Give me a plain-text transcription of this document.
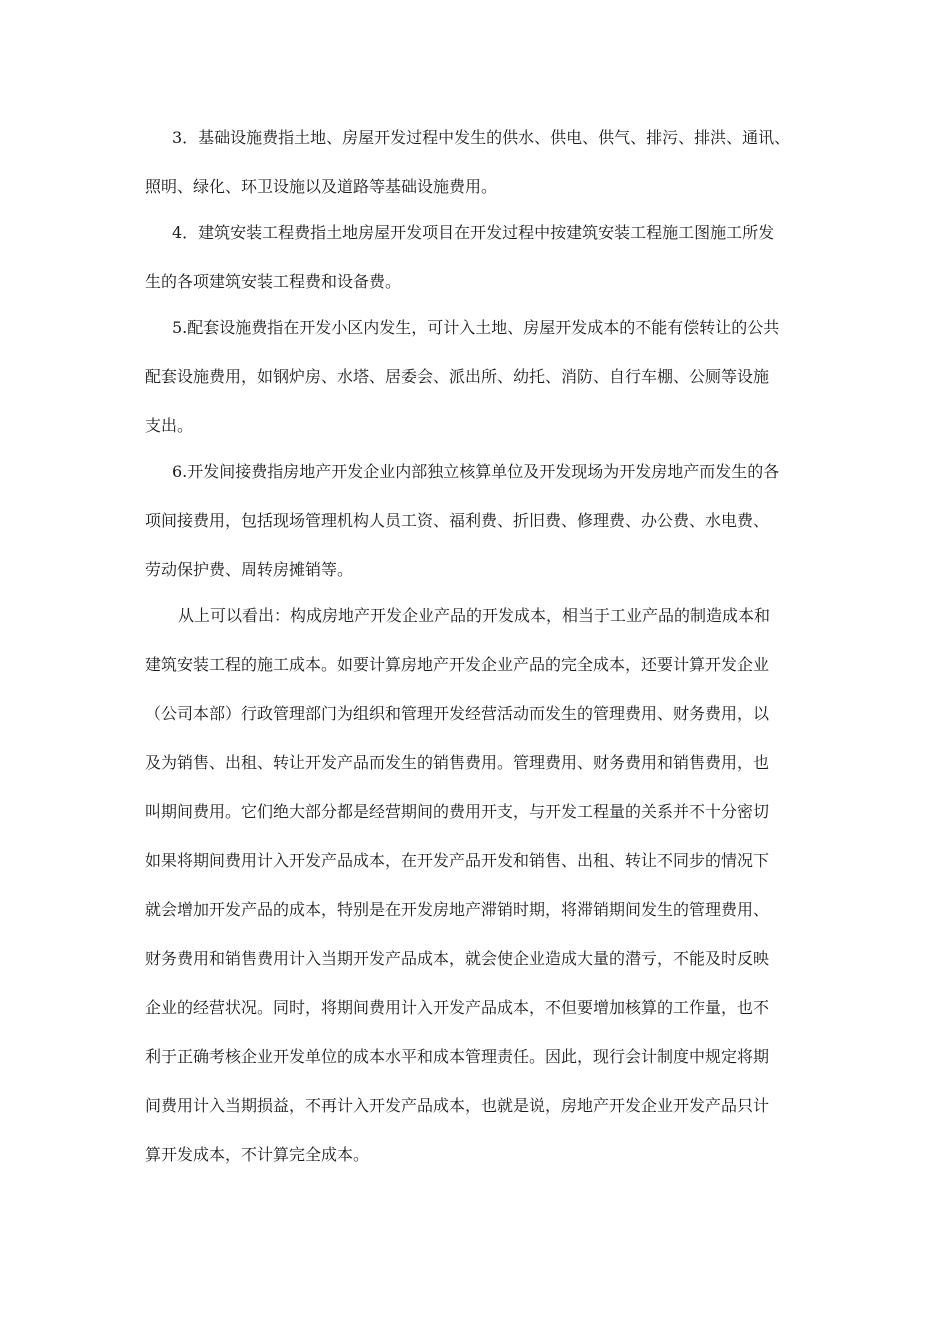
3．基础设施费指土地、房屋开发过程中发生的供水、供电、供气、排污、排洪、通讯、
照明、绿化、环卫设施以及道路等基础设施费用。
4．建筑安装工程费指土地房屋开发项目在开发过程中按建筑安装工程施工图施工所发
生的各项建筑安装工程费和设备费。
5.配套设施费指在开发小区内发生，可计入土地、房屋开发成本的不能有偿转让的公共
配套设施费用，如钢炉房、水塔、居委会、派出所、幼托、消防、自行车棚、公厕等设施
支出。
6.开发间接费指房地产开发企业内部独立核算单位及开发现场为开发房地产而发生的各
项间接费用，包括现场管理机构人员工资、福利费、折旧费、修理费、办公费、水电费、
劳动保护费、周转房摊销等。
从上可以看出：构成房地产开发企业产品的开发成本，相当于工业产品的制造成本和
建筑安装工程的施工成本。如要计算房地产开发企业产品的完全成本，还要计算开发企业
（公司本部）行政管理部门为组织和管理开发经营活动而发生的管理费用、财务费用，以
及为销售、出租、转让开发产品而发生的销售费用。管理费用、财务费用和销售费用，也
叫期间费用。它们绝大部分都是经营期间的费用开支，与开发工程量的关系并不十分密切
如果将期间费用计入开发产品成本，在开发产品开发和销售、出租、转让不同步的情况下
就会增加开发产品的成本，特别是在开发房地产滞销时期，将滞销期间发生的管理费用、
财务费用和销售费用计入当期开发产品成本，就会使企业造成大量的潜亏，不能及时反映
企业的经营状况。同时，将期间费用计入开发产品成本，不但要增加核算的工作量，也不
利于正确考核企业开发单位的成本水平和成本管理责任。因此，现行会计制度中规定将期
间费用计入当期损益，不再计入开发产品成本，也就是说，房地产开发企业开发产品只计
算开发成本，不计算完全成本。
